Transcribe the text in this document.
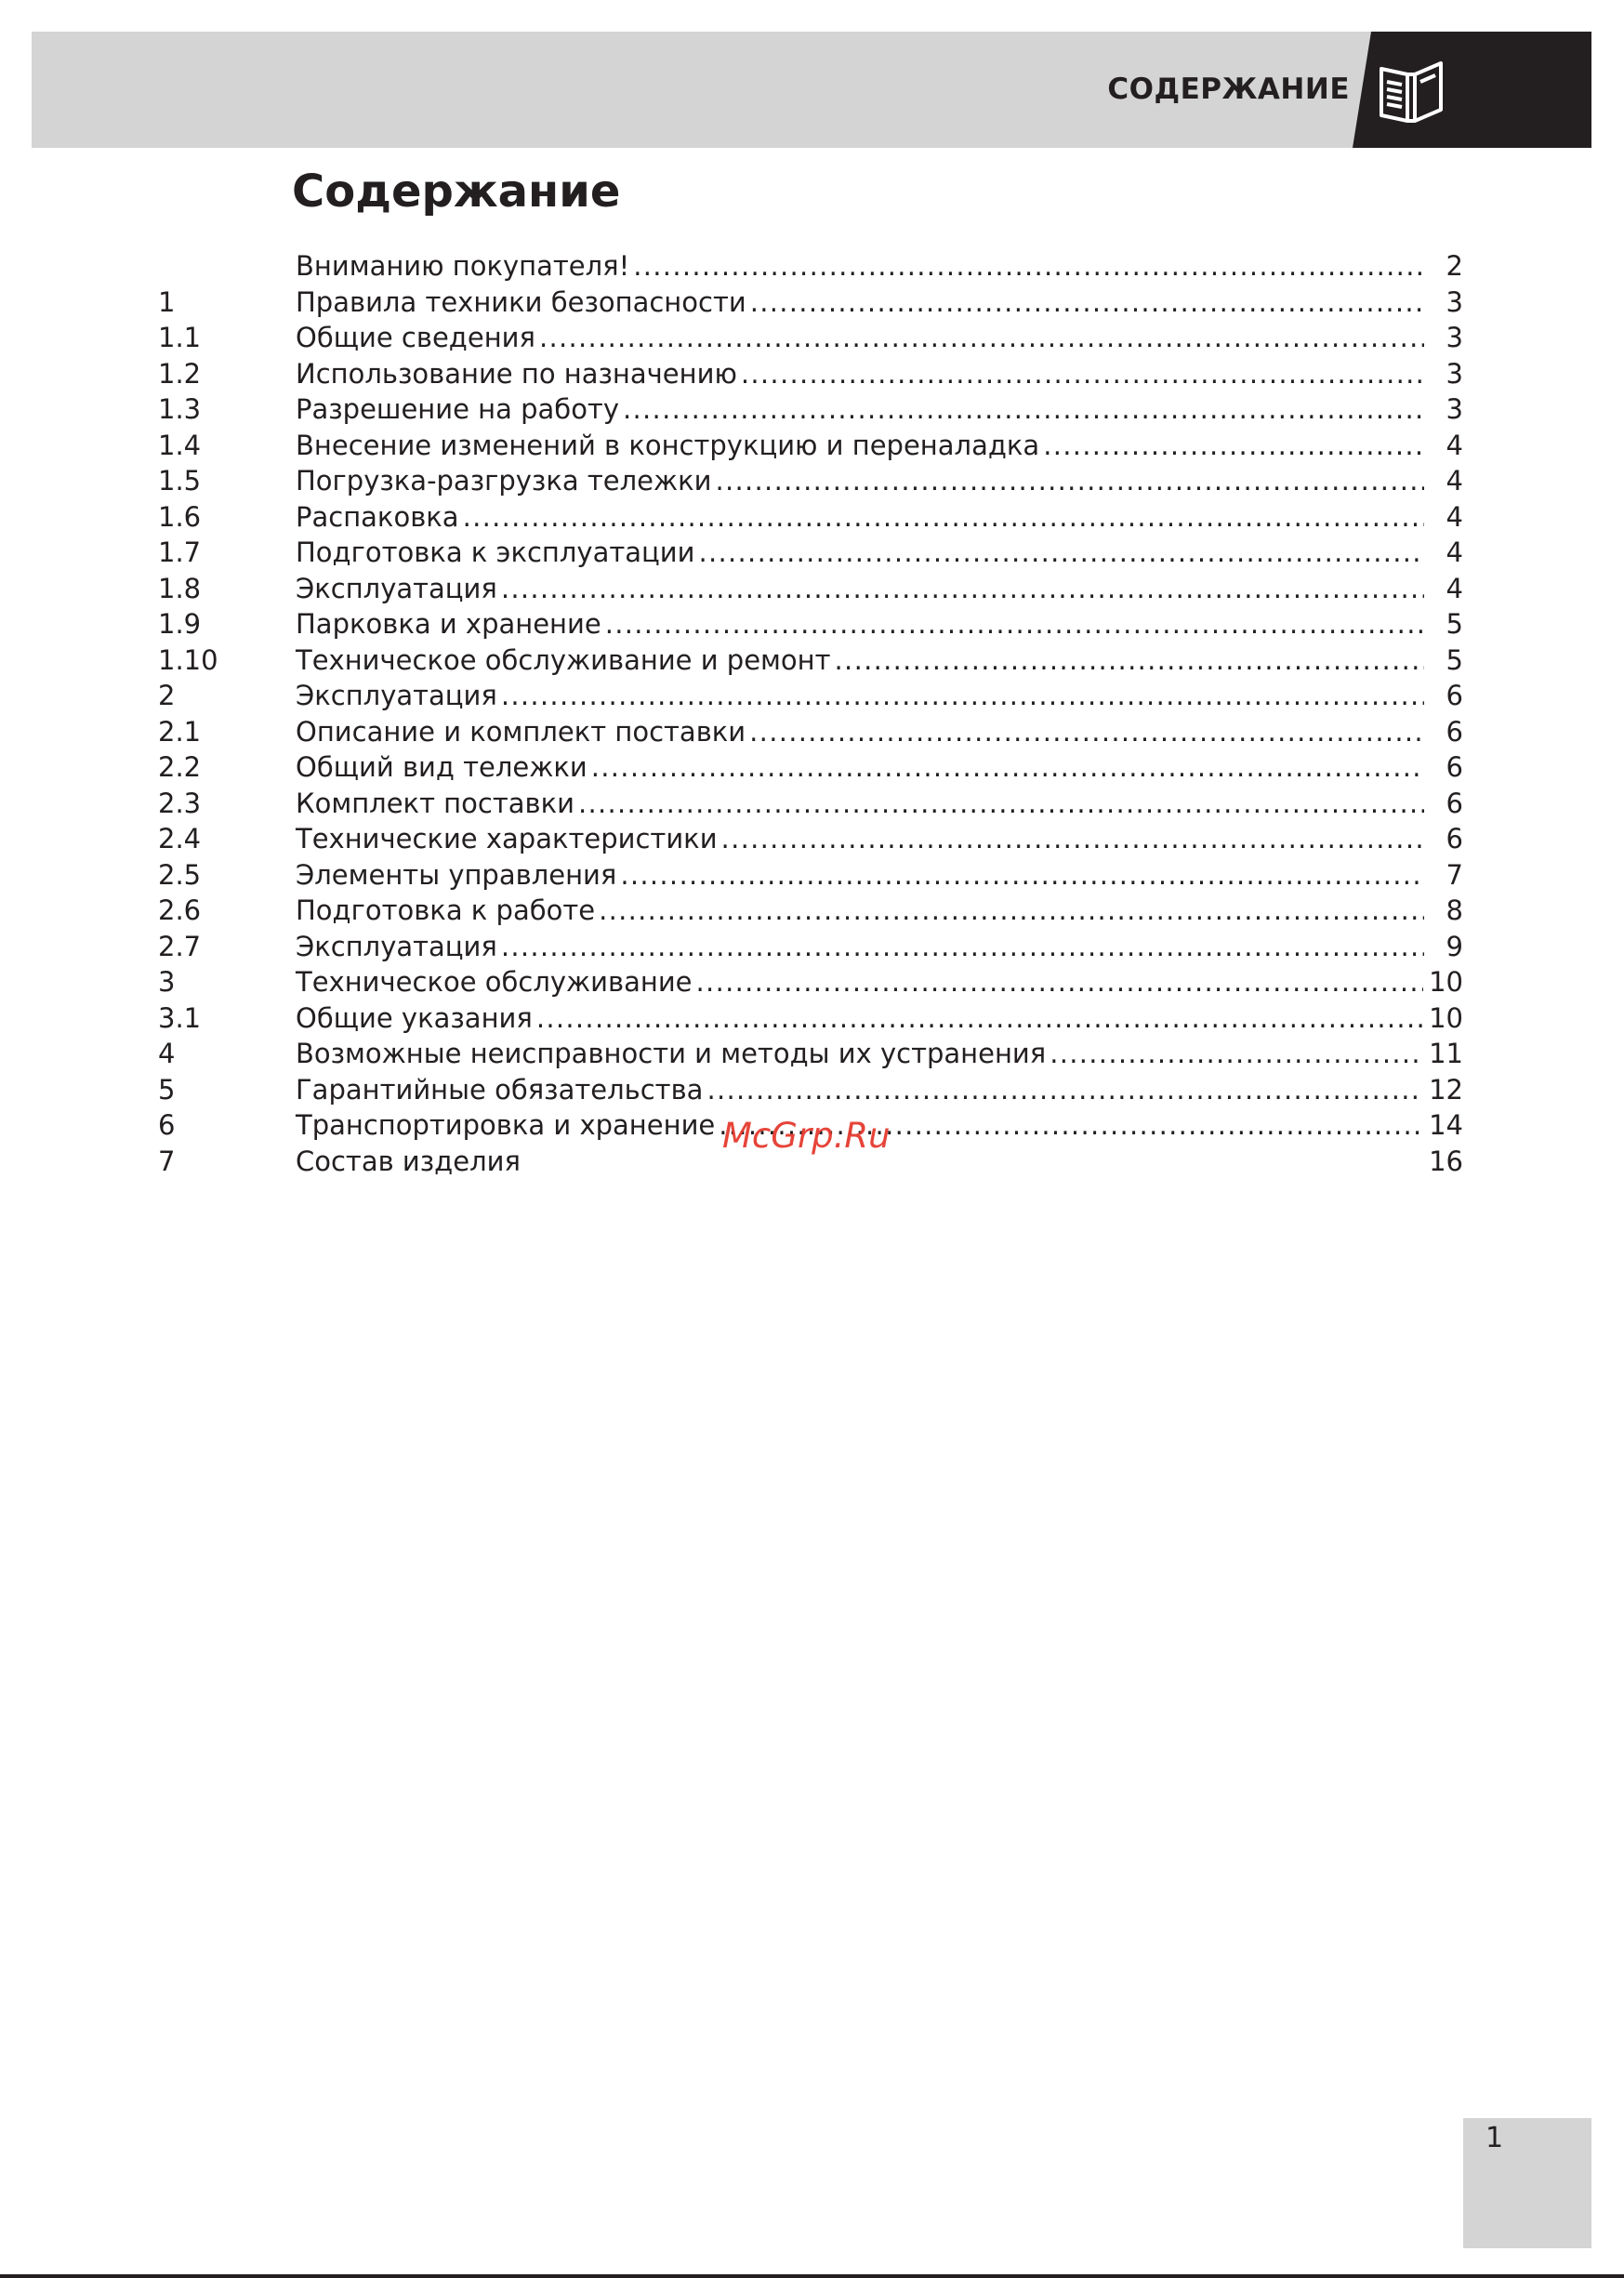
СОДЕРЖАНИЕ
Содержание
Вниманию покупателя! .....	2
1	Правила техники безопасности .....	3
1.1	Общие сведения .....	3
1.2	Использование по назначению .....	3
1.3	Разрешение на работу .....	3
1.4	Внесение изменений в конструкцию и переналадка .....	4
1.5	Погрузка-разгрузка тележки .....	4
1.6	Распаковка .....	4
1.7	Подготовка к эксплуатации .....	4
1.8	Эксплуатация .....	4
1.9	Парковка и хранение .....	5
1.10	Техническое обслуживание и ремонт .....	5
2	Эксплуатация .....	6
2.1	Описание и комплект поставки .....	6
2.2	Общий вид тележки .....	6
2.3	Комплект поставки .....	6
2.4	Технические характеристики .....	6
2.5	Элементы управления .....	7
2.6	Подготовка к работе .....	8
2.7	Эксплуатация .....	9
3	Техническое обслуживание .....	10
3.1	Общие указания .....	10
4	Возможные неисправности и методы их устранения .....	11
5	Гарантийные обязательства .....	12
6	Транспортировка и хранение .....	14
7	Состав изделия	16
McGrp.Ru
1
